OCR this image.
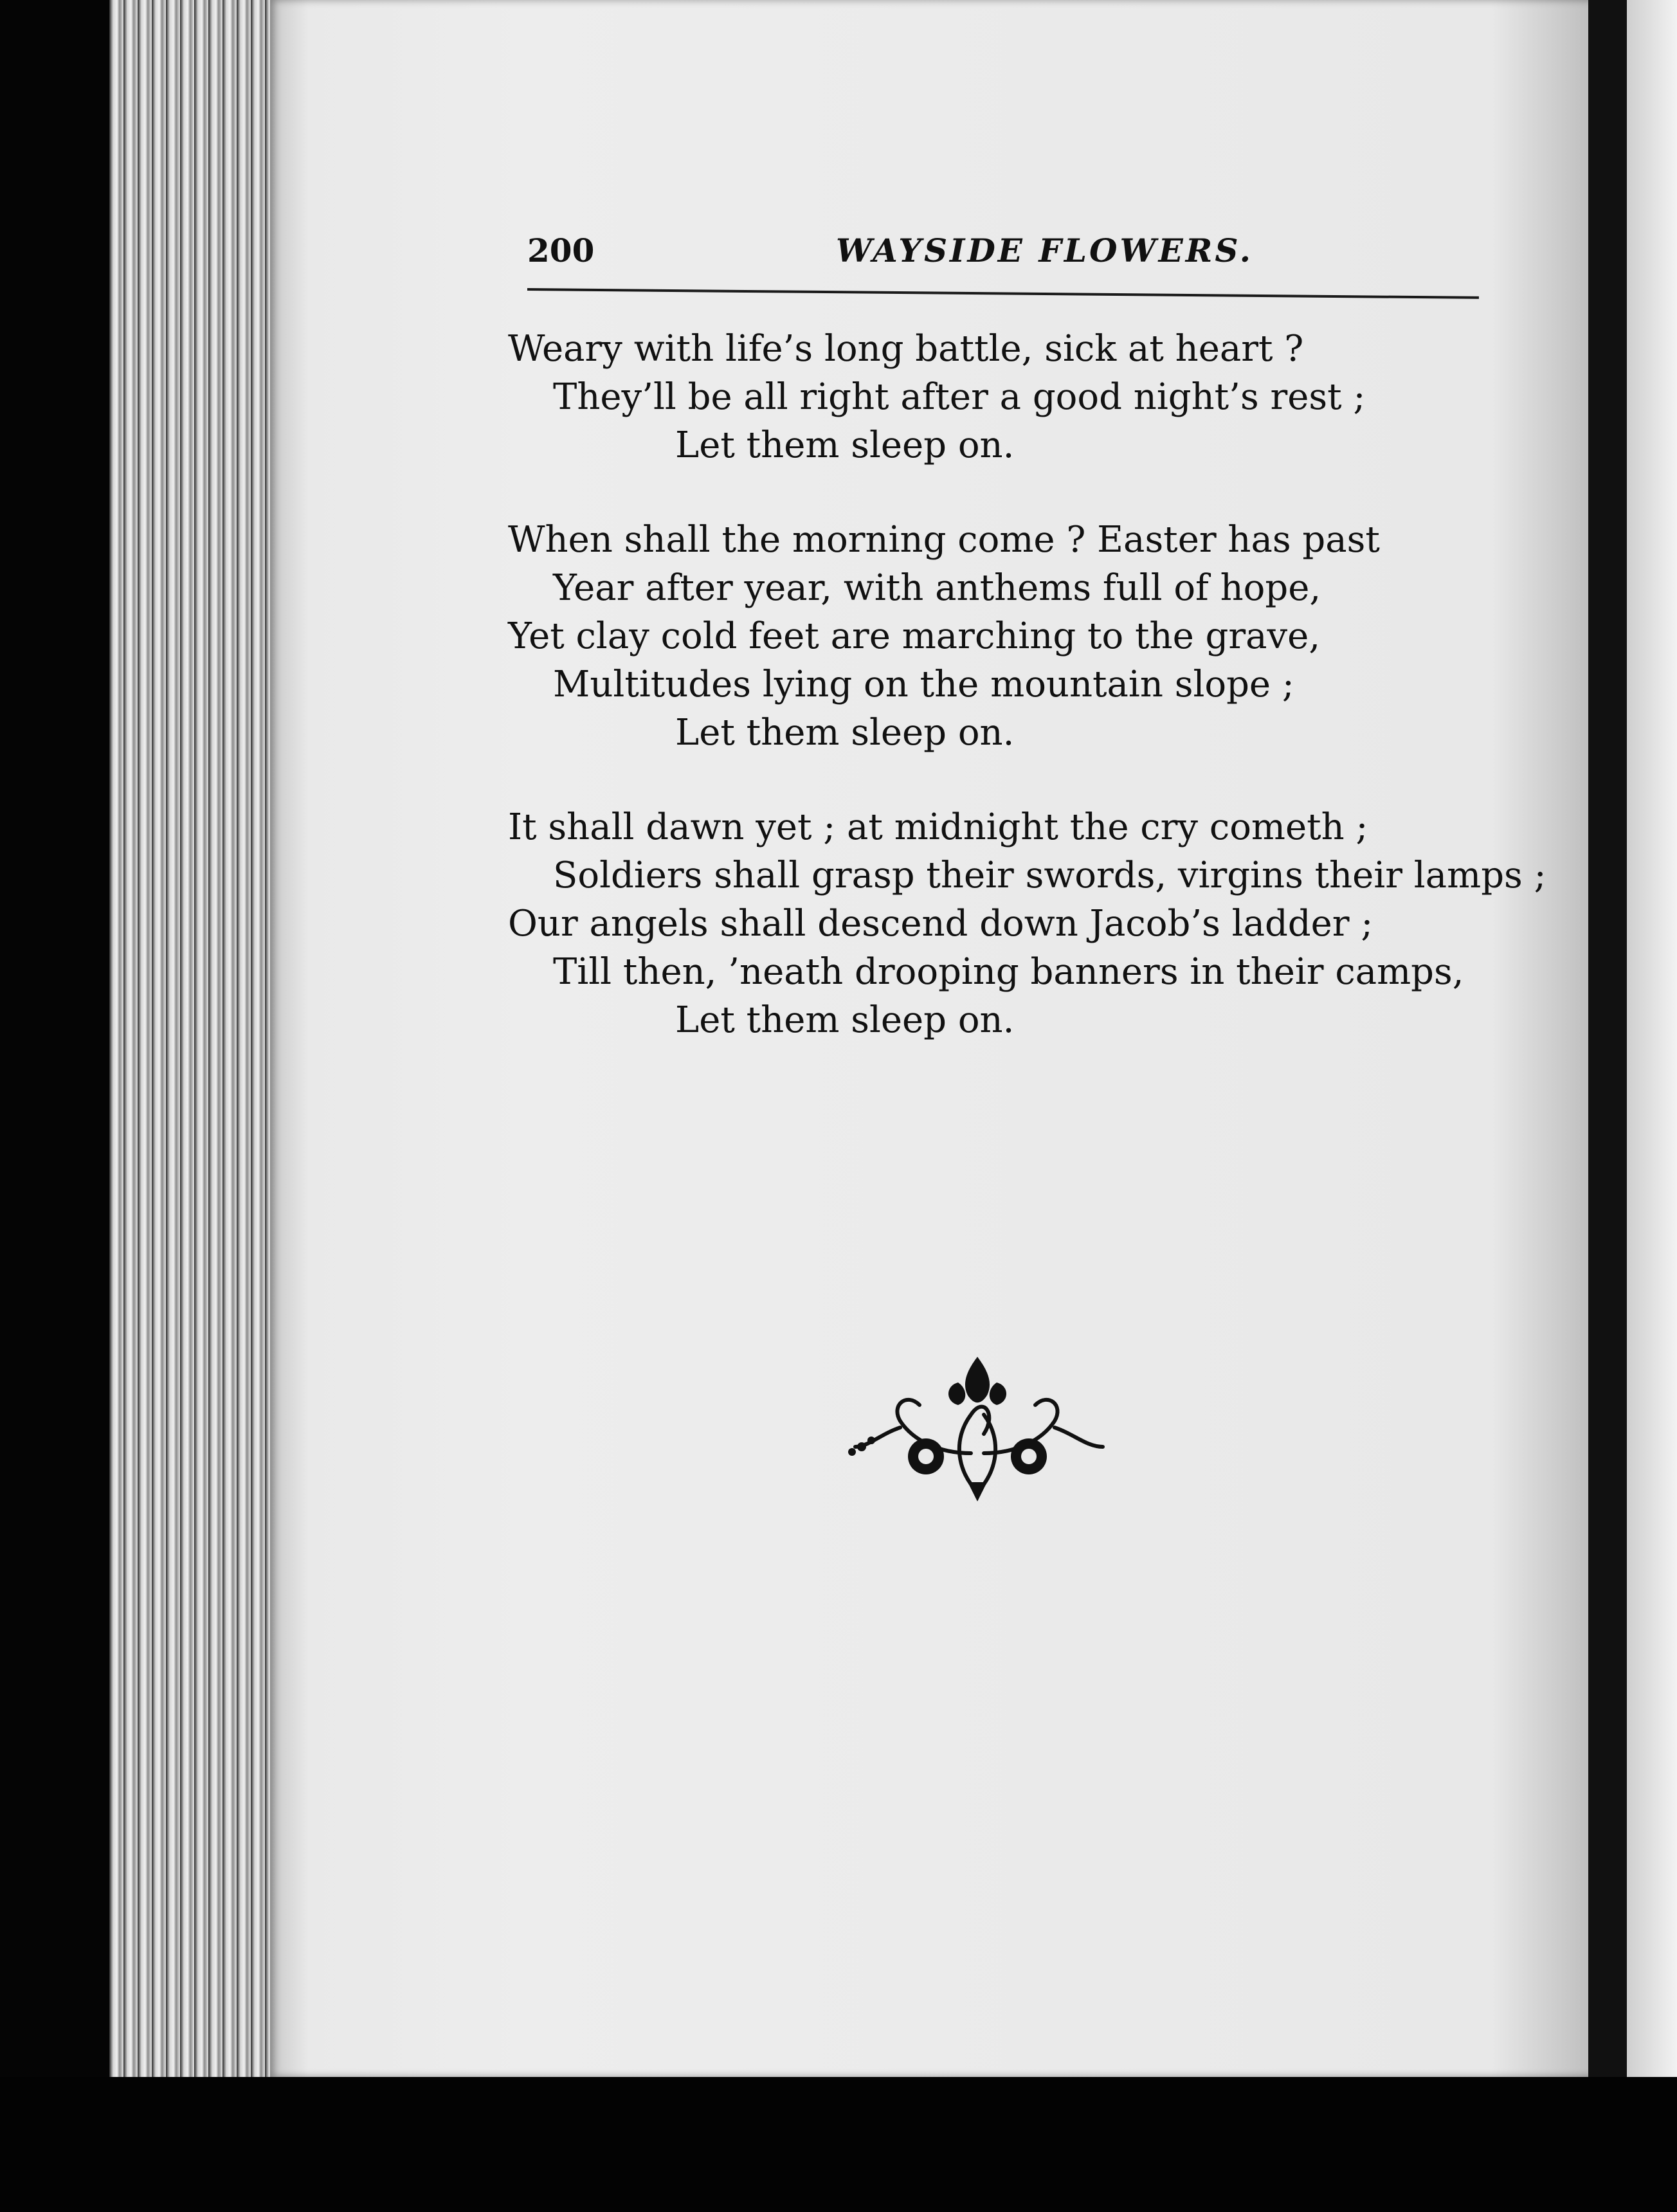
200	WAYSIDE FLOWERS.
Weary with life’s long battle, sick at heart ?
They’ll be all right after a good night’s rest ;
Let them sleep on.
When shall the morning come ? Easter has past
Year after year, with anthems full of hope,
Yet clay cold feet are marching to the grave,
Multitudes lying on the mountain slope ;
Let them sleep on.
It shall dawn yet ; at midnight the cry cometh ;
Soldiers shall grasp their swords, virgins their lamps ;
Our angels shall descend down Jacob’s ladder ;
Till then, ’neath drooping banners in their camps,
Let them sleep on.
